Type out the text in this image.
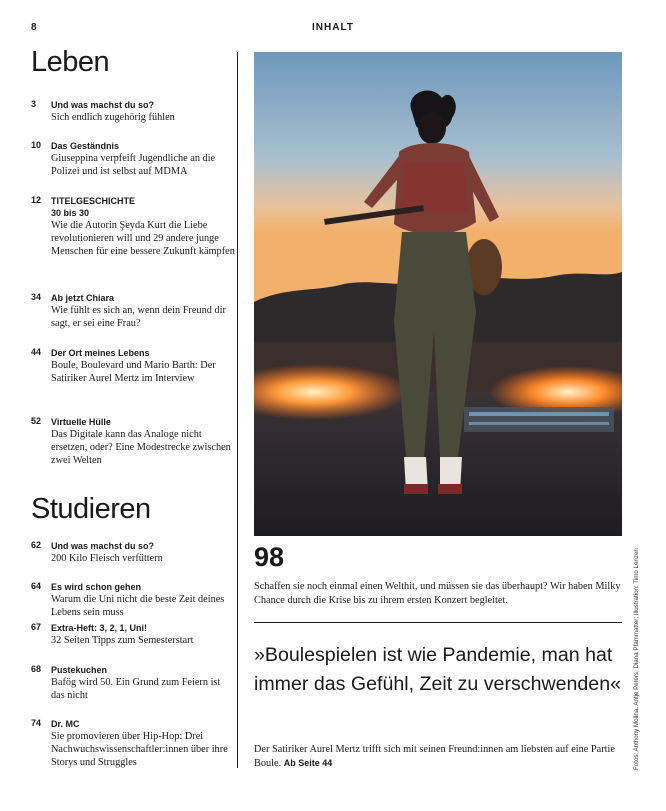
8	INHALT
Leben
3	Und was machst du so?
Sich endlich zugehörig fühlen
10	Das Geständnis
Giuseppina verpfeift Jugendliche an die Polizei und ist selbst auf MDMA
12	TITELGESCHICHTE
30 bis 30
Wie die Autorin Şeyda Kurt die Liebe revolutionieren will und 29 andere junge Menschen für eine bessere Zukunft kämpfen
34	Ab jetzt Chiara
Wie fühlt es sich an, wenn dein Freund dir sagt, er sei eine Frau?
44	Der Ort meines Lebens
Boule, Boulevard und Mario Barth: Der Satiriker Aurel Mertz im Interview
52	Virtuelle Hülle
Das Digitale kann das Analoge nicht ersetzen, oder? Eine Modestrecke zwischen zwei Welten
Studieren
62	Und was machst du so?
200 Kilo Fleisch verfüttern
64	Es wird schon gehen
Warum die Uni nicht die beste Zeit deines Lebens sein muss
67	Extra-Heft: 3, 2, 1, Uni!
32 Seiten Tipps zum Semesterstart
68	Pustekuchen
Bafög wird 50. Ein Grund zum Feiern ist das nicht
74	Dr. MC
Sie promovieren über Hip-Hop: Drei Nachwuchswissenschaftler:innen über ihre Storys und Struggles	Fotos: Anthony Molina, Antje Peters, Diana Pfammatter; Illustration: Timo Lenzen
98

Schaffen sie noch einmal einen Welthit, und müssen sie das überhaupt? Wir haben Milky Chance durch die Krise bis zu ihrem ersten Konzert begleitet.

»Boulespielen ist wie Pandemie, man hat immer das Gefühl, Zeit zu verschwenden«

Der Satiriker Aurel Mertz trifft sich mit seinen Freund:innen am liebsten auf eine Partie Boule. Ab Seite 44
